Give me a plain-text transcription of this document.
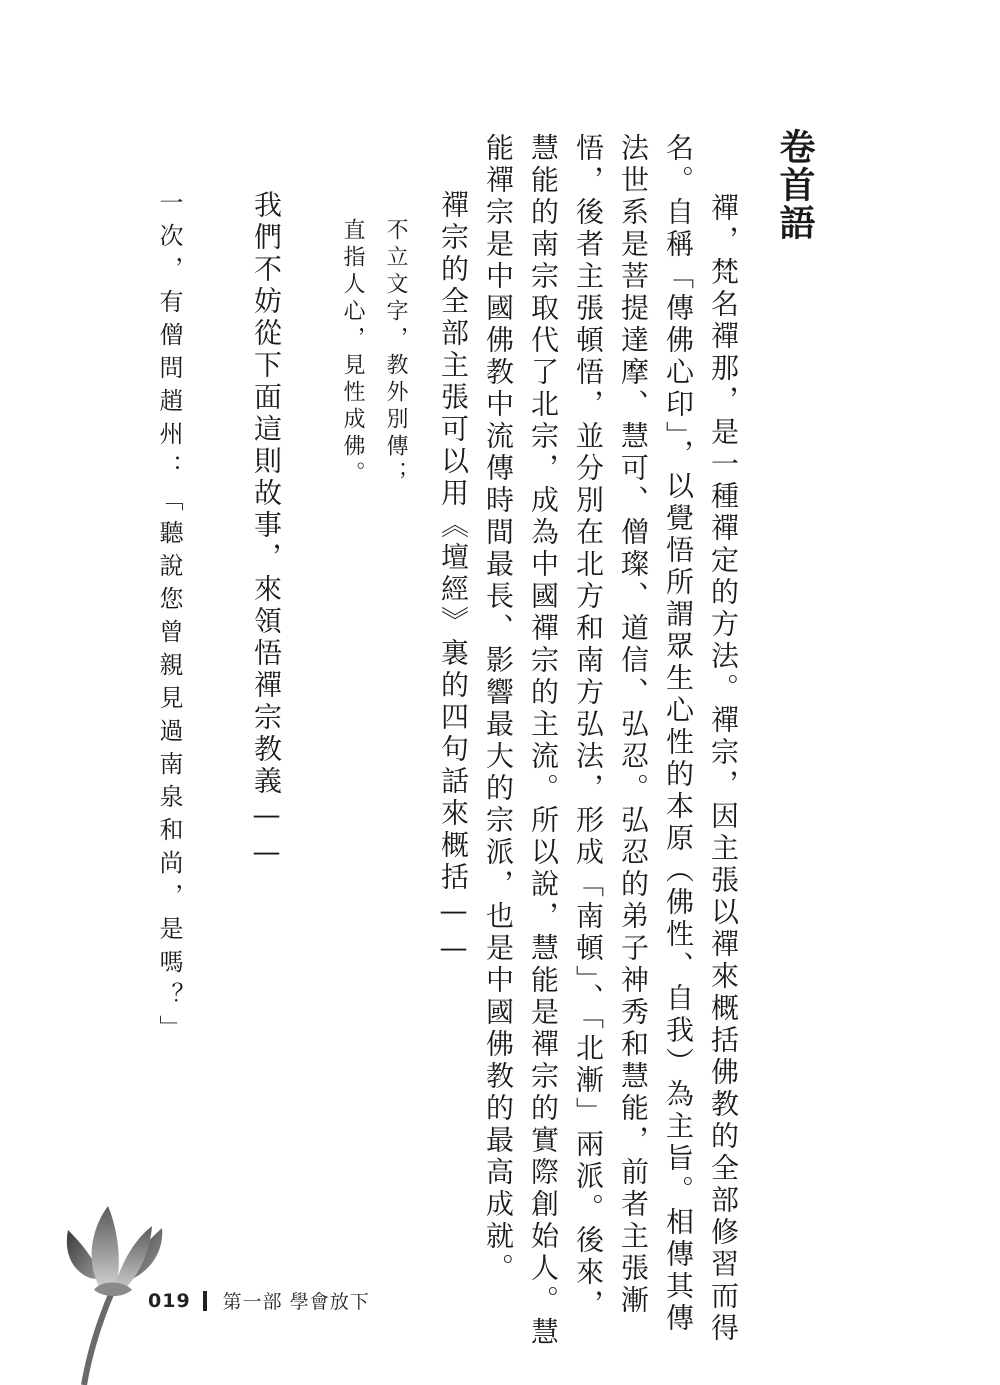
卷首語
禪，梵名禪那，是一種禪定的方法。禪宗，因主張以禪來概括佛教的全部修習而得
名。自稱「傳佛心印」，以覺悟所謂眾生心性的本原（佛性、自我）為主旨。相傳其傳
法世系是菩提達摩、慧可、僧璨、道信、弘忍。弘忍的弟子神秀和慧能，前者主張漸
悟，後者主張頓悟，並分別在北方和南方弘法，形成「南頓」、「北漸」兩派。後來，
慧能的南宗取代了北宗，成為中國禪宗的主流。所以說，慧能是禪宗的實際創始人。慧
能禪宗是中國佛教中流傳時間最長、影響最大的宗派，也是中國佛教的最高成就。
禪宗的全部主張可以用《壇經》裏的四句話來概括——
不立文字，教外別傳；
直指人心，見性成佛。
我們不妨從下面這則故事，來領悟禪宗教義——
一次，有僧問趙州：「聽說您曾親見過南泉和尚，是嗎？」
019 第一部 學會放下
